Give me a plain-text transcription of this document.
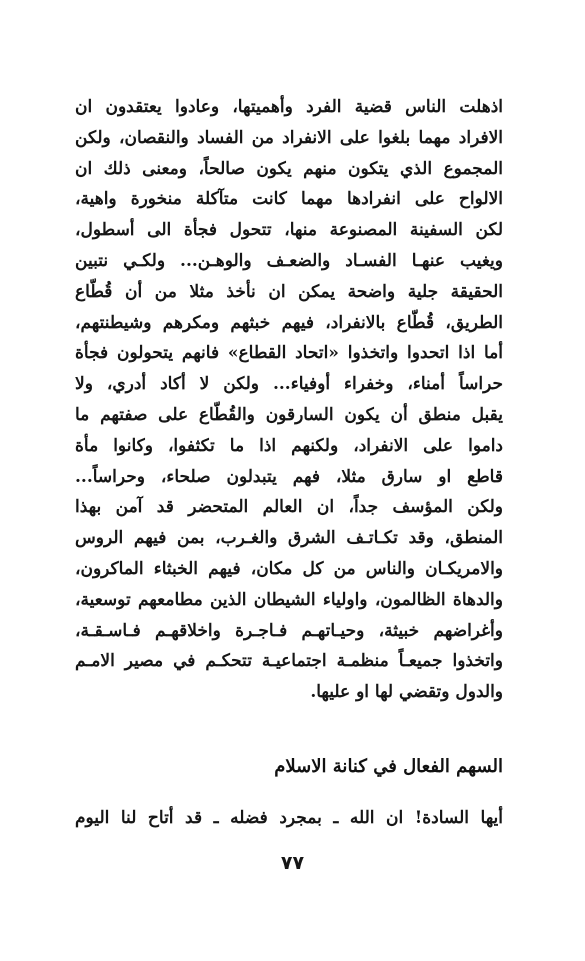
اذهلت الناس قضية الفرد وأهميتها، وعادوا يعتقدون ان
الافراد مهما بلغوا على الانفراد من الفساد والنقصان، ولكن
المجموع الذي يتكون منهم يكون صالحاً، ومعنى ذلك ان
الالواح على انفرادها مهما كانت متآكلة منخورة واهية،
لكن السفينة المصنوعة منها، تتحول فجأة الى أسطول،
ويغيب عنهـا الفسـاد والضعـف والوهـن... ولكـي نتبين
الحقيقة جلية واضحة يمكن ان نأخذ مثلا من أن قُطّاع
الطريق، قُطّاع بالانفراد، فيهم خبثهم ومكرهم وشيطنتهم،
أما اذا اتحدوا واتخذوا «اتحاد القطاع» فانهم يتحولون فجأة
حراساً أمناء، وخفراء أوفياء... ولكن لا أكاد أدري، ولا
يقبل منطق أن يكون السارقون والقُطّاع على صفتهم ما
داموا على الانفراد، ولكنهم اذا ما تكثفوا، وكانوا مأة
قاطع او سارق مثلا، فهم يتبدلون صلحاء، وحراساً...
ولكن المؤسف جداً، ان العالم المتحضر قد آمن بهذا
المنطق، وقد تكـاتـف الشرق والغـرب، بمن فيهم الروس
والامريكـان والناس من كل مكان، فيهم الخبثاء الماكرون،
والدهاة الظالمون، واولياء الشيطان الذين مطامعهم توسعية،
وأغراضهم خبيثة، وحيـاتهـم فـاجـرة واخلاقهـم فـاسـقـة،
واتخذوا جميعـاً منظمـة اجتماعيـة تتحكـم في مصير الامـم
والدول وتقضي لها او عليها.
السهم الفعال في كنانة الاسلام
أيها السادة! ان الله ـ بمجرد فضله ـ قد أتاح لنا اليوم
٧٧
